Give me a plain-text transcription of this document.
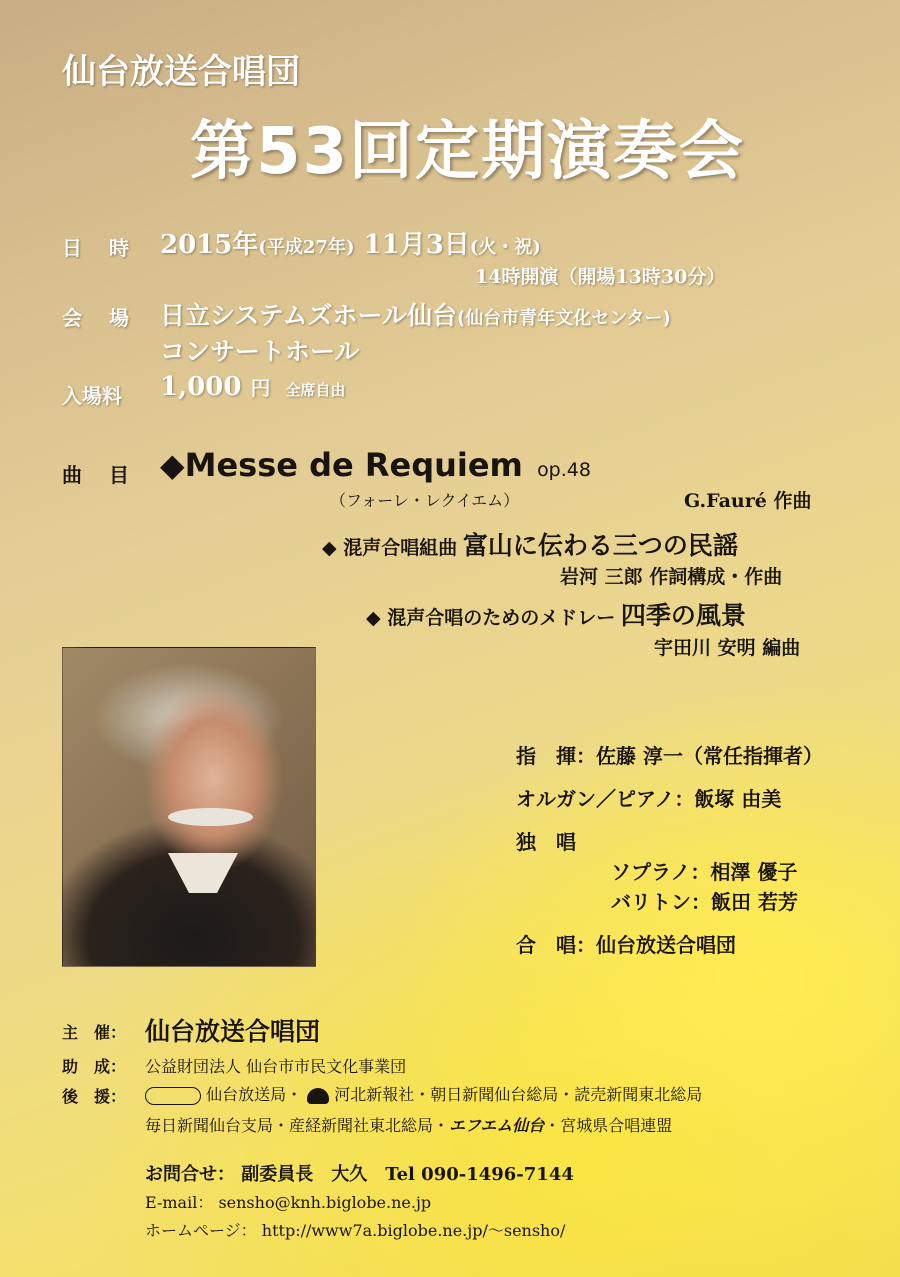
仙台放送合唱団
第53回定期演奏会
日 時 2015年(平成27年) 11月3日(火・祝)
14時開演（開場13時30分）
会 場 日立システムズホール仙台(仙台市青年文化センター)
コンサートホール
入場料 1,000 円 全席自由
曲 目 ◆Messe de Requiem op.48
（フォーレ・レクイエム）	G.Fauré 作曲
◆ 混声合唱組曲 富山に伝わる三つの民謡
岩河 三郎 作詞構成・作曲
◆ 混声合唱のためのメドレー 四季の風景
宇田川 安明 編曲
指　揮：佐藤 淳一（常任指揮者）
オルガン／ピアノ：飯塚 由美
独　唱
ソプラノ：相澤 優子
バリトン：飯田 若芳
合　唱：仙台放送合唱団
主　催： 仙台放送合唱団
助　成： 公益財団法人 仙台市市民文化事業団
後　援：	仙台放送局・ 河北新報社・朝日新聞仙台総局・読売新聞東北総局
毎日新聞仙台支局・産経新聞社東北総局・エフエム仙台・宮城県合唱連盟
お問合せ： 副委員長　大久　Tel 090-1496-7144
E-mail： sensho@knh.biglobe.ne.jp
ホームページ： http://www7a.biglobe.ne.jp/～sensho/
